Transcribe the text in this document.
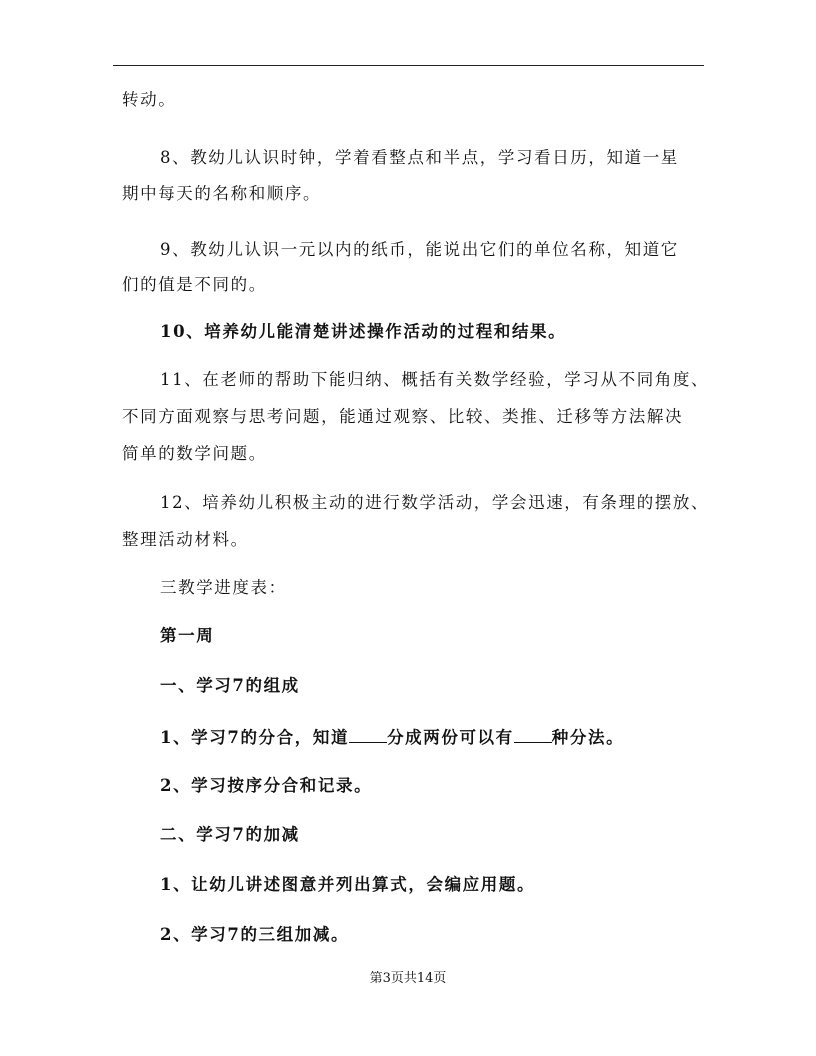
转动。
8、教幼儿认识时钟，学着看整点和半点，学习看日历，知道一星
期中每天的名称和顺序。
9、教幼儿认识一元以内的纸币，能说出它们的单位名称，知道它
们的值是不同的。
10、培养幼儿能清楚讲述操作活动的过程和结果。
11、在老师的帮助下能归纳、概括有关数学经验，学习从不同角度、
不同方面观察与思考问题，能通过观察、比较、类推、迁移等方法解决
简单的数学问题。
12、培养幼儿积极主动的进行数学活动，学会迅速，有条理的摆放、
整理活动材料。
三教学进度表：
第一周
一、学习7的组成
1、学习7的分合，知道 分成两份可以有 种分法。
2、学习按序分合和记录。
二、学习7的加减
1、让幼儿讲述图意并列出算式，会编应用题。
2、学习7的三组加减。
第3页共14页
